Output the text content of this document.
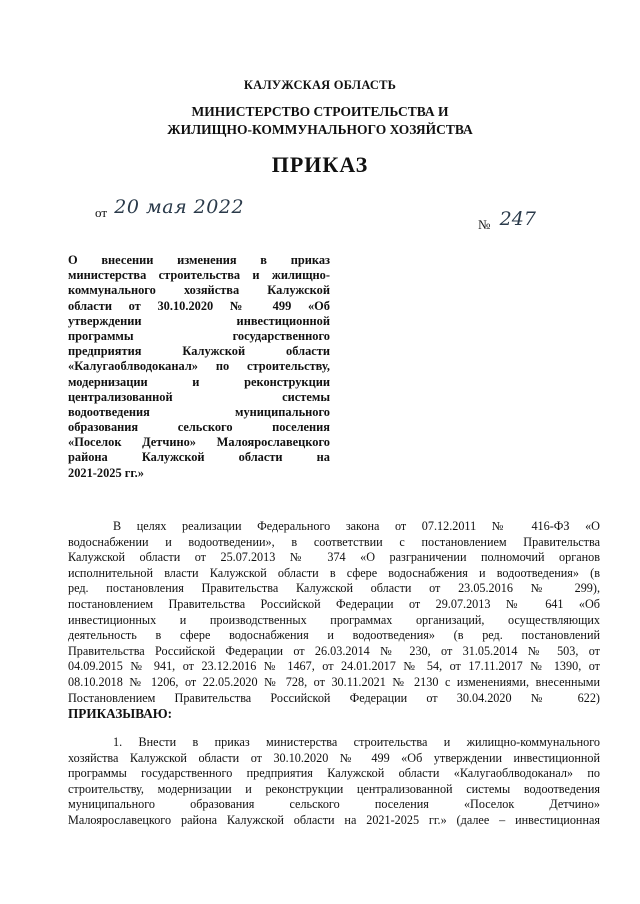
КАЛУЖСКАЯ ОБЛАСТЬ
МИНИСТЕРСТВО СТРОИТЕЛЬСТВА И
ЖИЛИЩНО-КОММУНАЛЬНОГО ХОЗЯЙСТВА
ПРИКАЗ
от 20 мая 2022
№ 247
О внесении изменения в приказ
министерства строительства и жилищно-
коммунального хозяйства Калужской
области от 30.10.2020 № 499 «Об
утверждении инвестиционной
программы государственного
предприятия Калужской области
«Калугаоблводоканал» по строительству,
модернизации и реконструкции
централизованной системы
водоотведения муниципального
образования сельского поселения
«Поселок Детчино» Малоярославецкого
района Калужской области на
2021-2025 гг.»
В целях реализации Федерального закона от 07.12.2011 № 416-ФЗ «О
водоснабжении и водоотведении», в соответствии с постановлением Правительства
Калужской области от 25.07.2013 № 374 «О разграничении полномочий органов
исполнительной власти Калужской области в сфере водоснабжения и водоотведения» (в
ред. постановления Правительства Калужской области от 23.05.2016 № 299),
постановлением Правительства Российской Федерации от 29.07.2013 № 641 «Об
инвестиционных и производственных программах организаций, осуществляющих
деятельность в сфере водоснабжения и водоотведения» (в ред. постановлений
Правительства Российской Федерации от 26.03.2014 № 230, от 31.05.2014 № 503, от
04.09.2015 № 941, от 23.12.2016 № 1467, от 24.01.2017 № 54, от 17.11.2017 № 1390, от
08.10.2018 № 1206, от 22.05.2020 № 728, от 30.11.2021 № 2130 с изменениями, внесенными
Постановлением Правительства Российской Федерации от 30.04.2020 № 622)
ПРИКАЗЫВАЮ:
1. Внести в приказ министерства строительства и жилищно-коммунального
хозяйства Калужской области от 30.10.2020 № 499 «Об утверждении инвестиционной
программы государственного предприятия Калужской области «Калугаоблводоканал» по
строительству, модернизации и реконструкции централизованной системы водоотведения
муниципального образования сельского поселения «Поселок Детчино»
Малоярославецкого района Калужской области на 2021-2025 гг.» (далее – инвестиционная
